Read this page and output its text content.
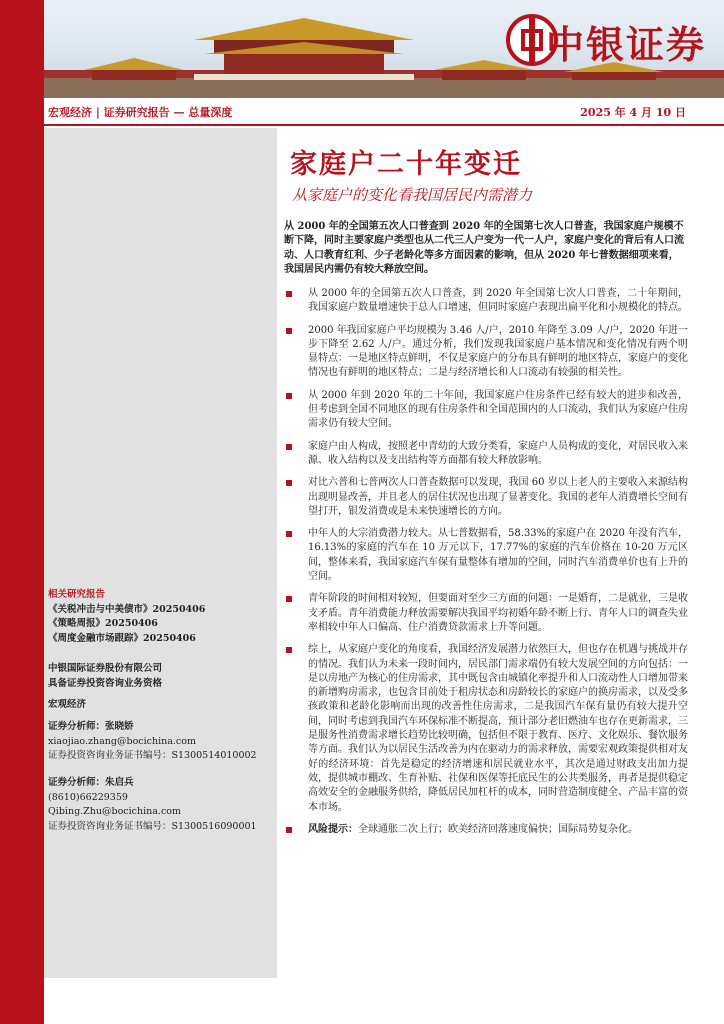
中银证券
宏观经济 | 证券研究报告 — 总量深度	2025 年 4 月 10 日
相关研究报告
《关税冲击与中美债市》20250406
《策略周报》20250406
《周度金融市场跟踪》20250406
中银国际证券股份有限公司
具备证券投资咨询业务资格
宏观经济
证券分析师：张晓娇
xiaojiao.zhang@bocichina.com
证券投资咨询业务证书编号：S1300514010002
证券分析师：朱启兵
(8610)66229359
Qibing.Zhu@bocichina.com
证券投资咨询业务证书编号：S1300516090001
家庭户二十年变迁
从家庭户的变化看我国居民内需潜力
从 2000 年的全国第五次人口普查到 2020 年的全国第七次人口普查，我国家庭户规模不断下降，同时主要家庭户类型也从二代三人户变为一代一人户，家庭户变化的背后有人口流动、人口教育红利、少子老龄化等多方面因素的影响，但从 2020 年七普数据细项来看，我国居民内需仍有较大释放空间。
从 2000 年的全国第五次人口普查，到 2020 年全国第七次人口普查，二十年期间，我国家庭户数量增速快于总人口增速，但同时家庭户表现出扁平化和小规模化的特点。
2000 年我国家庭户平均规模为 3.46 人/户，2010 年降至 3.09 人/户，2020 年进一步下降至 2.62 人/户。通过分析，我们发现我国家庭户基本情况和变化情况有两个明显特点：一是地区特点鲜明，不仅是家庭户的分布具有鲜明的地区特点，家庭户的变化情况也有鲜明的地区特点；二是与经济增长和人口流动有较强的相关性。
从 2000 年到 2020 年的二十年间，我国家庭户住房条件已经有较大的进步和改善，但考虑到全国不同地区的现有住房条件和全国范围内的人口流动，我们认为家庭户住房需求仍有较大空间。
家庭户由人构成，按照老中青幼的大致分类看，家庭户人员构成的变化，对居民收入来源、收入结构以及支出结构等方面都有较大释放影响。
对比六普和七普两次人口普查数据可以发现，我国 60 岁以上老人的主要收入来源结构出现明显改善，并且老人的居住状况也出现了显著变化。我国的老年人消费增长空间有望打开，银发消费或是未来快速增长的方向。
中年人的大宗消费潜力较大。从七普数据看，58.33%的家庭户在 2020 年没有汽车，16.13%的家庭的汽车在 10 万元以下，17.77%的家庭的汽车价格在 10-20 万元区间，整体来看，我国家庭汽车保有量整体有增加的空间，同时汽车消费单价也有上升的空间。
青年阶段的时间相对较短，但要面对至少三方面的问题：一是婚育，二是就业，三是收支矛盾。青年消费能力释放需要解决我国平均初婚年龄不断上行、青年人口的调查失业率相较中年人口偏高、住户消费贷款需求上升等问题。
综上，从家庭户变化的角度看，我国经济发展潜力依然巨大，但也存在机遇与挑战并存的情况。我们认为未来一段时间内，居民部门需求端仍有较大发展空间的方向包括：一是以房地产为核心的住房需求，其中既包含由城镇化率提升和人口流动性人口增加带来的新增购房需求，也包含目前处于租房状态和房龄较长的家庭户的换房需求，以及受多孩政策和老龄化影响而出现的改善性住房需求，二是我国汽车保有量仍有较大提升空间，同时考虑到我国汽车环保标准不断提高，预计部分老旧燃油车也存在更新需求，三是服务性消费需求增长趋势比较明确，包括但不限于教育、医疗、文化娱乐、餐饮服务等方面。我们认为以居民生活改善为内在驱动力的需求释放，需要宏观政策提供相对友好的经济环境：首先是稳定的经济增速和居民就业水平，其次是通过财政支出加力提效，提供城市棚改、生育补贴、社保和医保等托底民生的公共类服务，再者是提供稳定高效安全的金融服务供给，降低居民加杠杆的成本，同时营造制度健全、产品丰富的资本市场。
风险提示：全球通胀二次上行；欧美经济回落速度偏快；国际局势复杂化。
